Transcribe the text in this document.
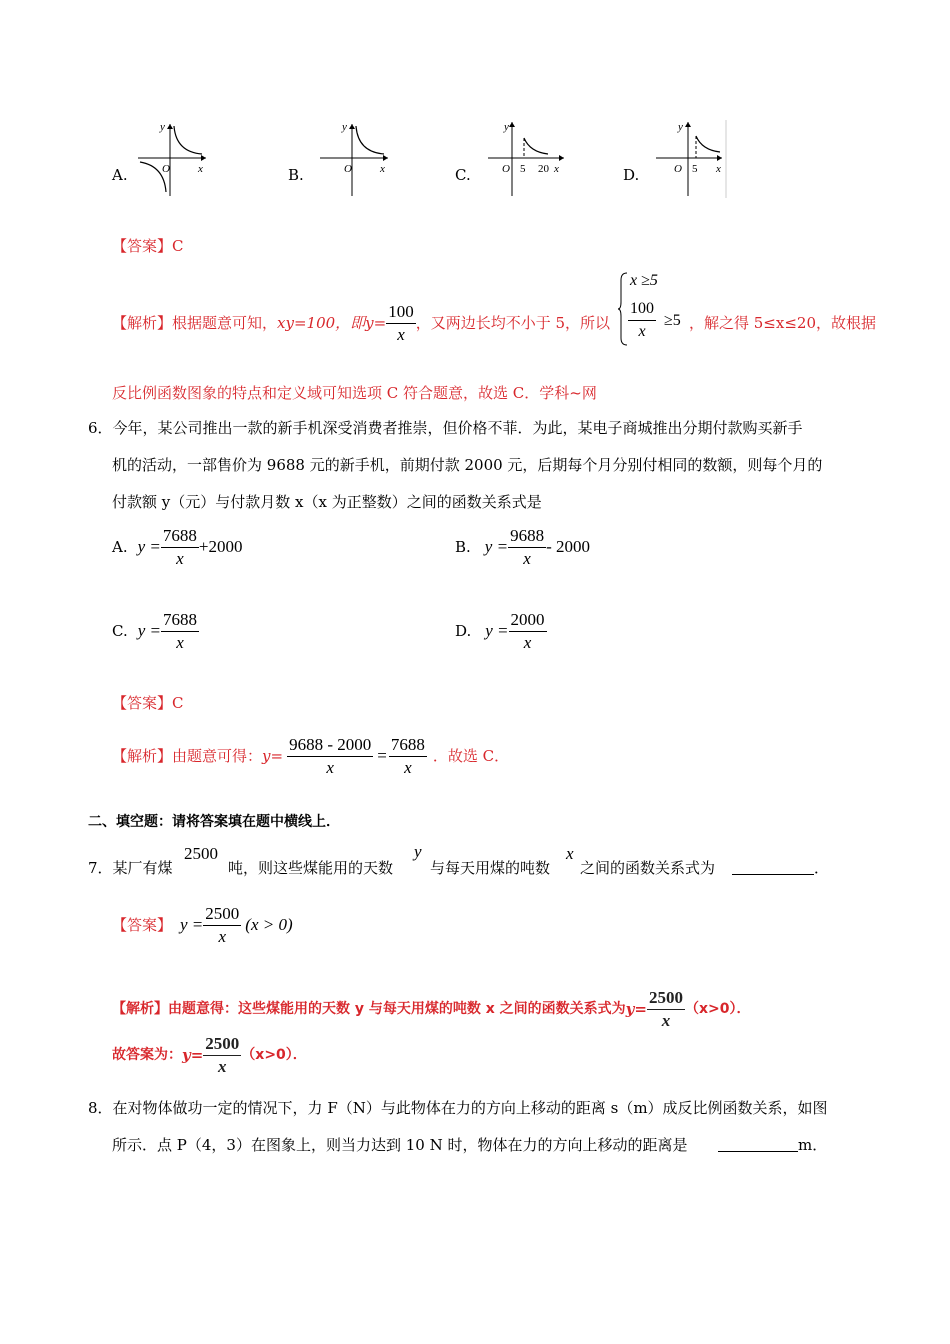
A.
y
O	x	B.
y
O	x	C.
y
O 5 20 x	D.
y
O 5 x
【答案】C
【解析】 根据题意可知， xy=100，即 $y= \frac{100}{x}$ ，又两边长均不小于 5，所以
x ≥5
$\frac{100}{x} \ge 5$ ，解之得 5≤x≤20，故根据
反比例函数图象的特点和定义域可知选项 C 符合题意，故选 C．学科~网
6．今年，某公司推出一款的新手机深受消费者推崇，但价格不菲．为此，某电子商城推出分期付款购买新手
机的活动，一部售价为 9688 元的新手机，前期付款 2000 元，后期每个月分别付相同的数额，则每个月的
付款额 y（元）与付款月数 x（x 为正整数）之间的函数关系式是
A. $y = \frac{7688}{x} +2000$	B. $y = \frac{9688}{x} - 2000$
C. $y = \frac{7688}{x}$	D. $y = \frac{2000}{x}$
【答案】C
【解析】 由题意可得： $y= \frac{9688 - 2000}{x} = \frac{7688}{x}$ ．故选 C．
二、填空题：请将答案填在题中横线上．
7．某厂有煤
2500
吨，则这些煤能用的天数
y
与每天用煤的吨数
x
之间的函数关系式为	．
【答案】 $y = \frac{2500}{x} (x > 0)$
【解析】 由题意得：这些煤能用的天数 y 与每天用煤的吨数 x 之间的函数关系式为 $y= \frac{2500}{x} (x>0)$．
故答案为： $y= \frac{2500}{x} (x>0)$．
8．在对物体做功一定的情况下，力 F（N）与此物体在力的方向上移动的距离 s（m）成反比例函数关系，如图
所示．点 P（4，3）在图象上，则当力达到 10 N 时，物体在力的方向上移动的距离是	m．
